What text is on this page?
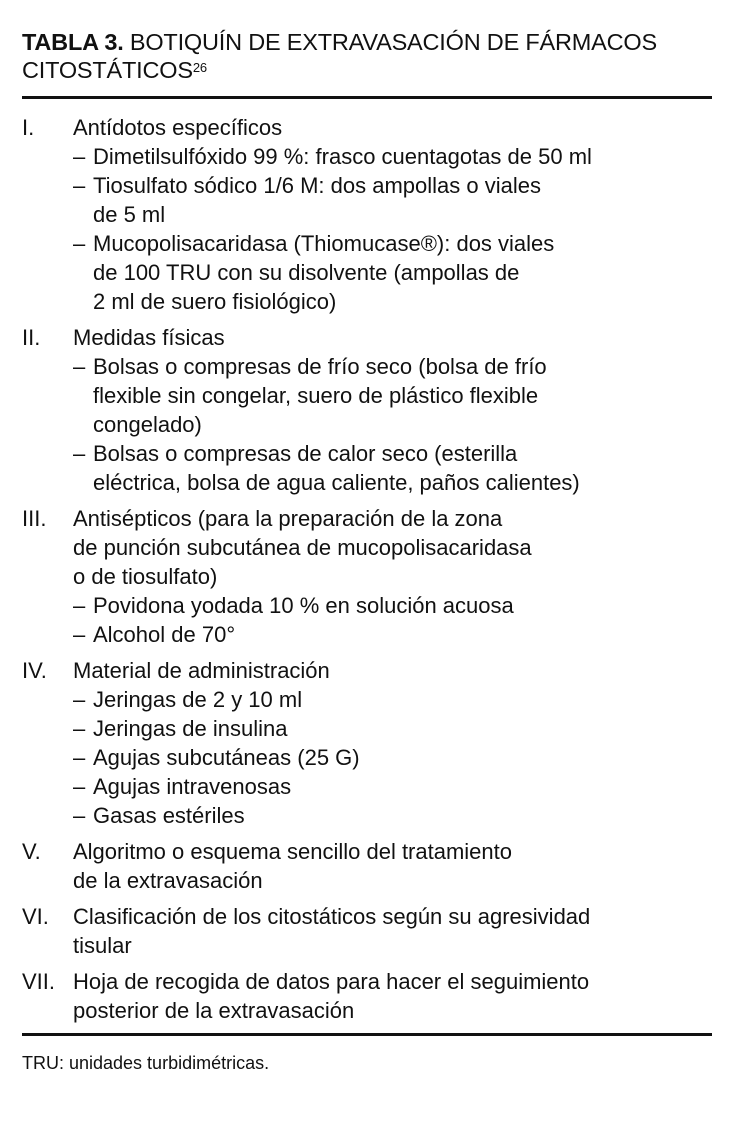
TABLA 3. BOTIQUÍN DE EXTRAVASACIÓN DE FÁRMACOS CITOSTÁTICOS$^{26}$
I. Antídotos específicos
– Dimetilsulfóxido 99 %: frasco cuentagotas de 50 ml
– Tiosulfato sódico 1/6 M: dos ampollas o viales
de 5 ml
– Mucopolisacaridasa (Thiomucase®): dos viales
de 100 TRU con su disolvente (ampollas de
2 ml de suero fisiológico)
II. Medidas físicas
– Bolsas o compresas de frío seco (bolsa de frío
flexible sin congelar, suero de plástico flexible
congelado)
– Bolsas o compresas de calor seco (esterilla
eléctrica, bolsa de agua caliente, paños calientes)
III. Antisépticos (para la preparación de la zona
de punción subcutánea de mucopolisacaridasa
o de tiosulfato)
– Povidona yodada 10 % en solución acuosa
– Alcohol de 70°
IV. Material de administración
– Jeringas de 2 y 10 ml
– Jeringas de insulina
– Agujas subcutáneas (25 G)
– Agujas intravenosas
– Gasas estériles
V. Algoritmo o esquema sencillo del tratamiento
de la extravasación
VI. Clasificación de los citostáticos según su agresividad
tisular
VII. Hoja de recogida de datos para hacer el seguimiento
posterior de la extravasación
TRU: unidades turbidimétricas.
